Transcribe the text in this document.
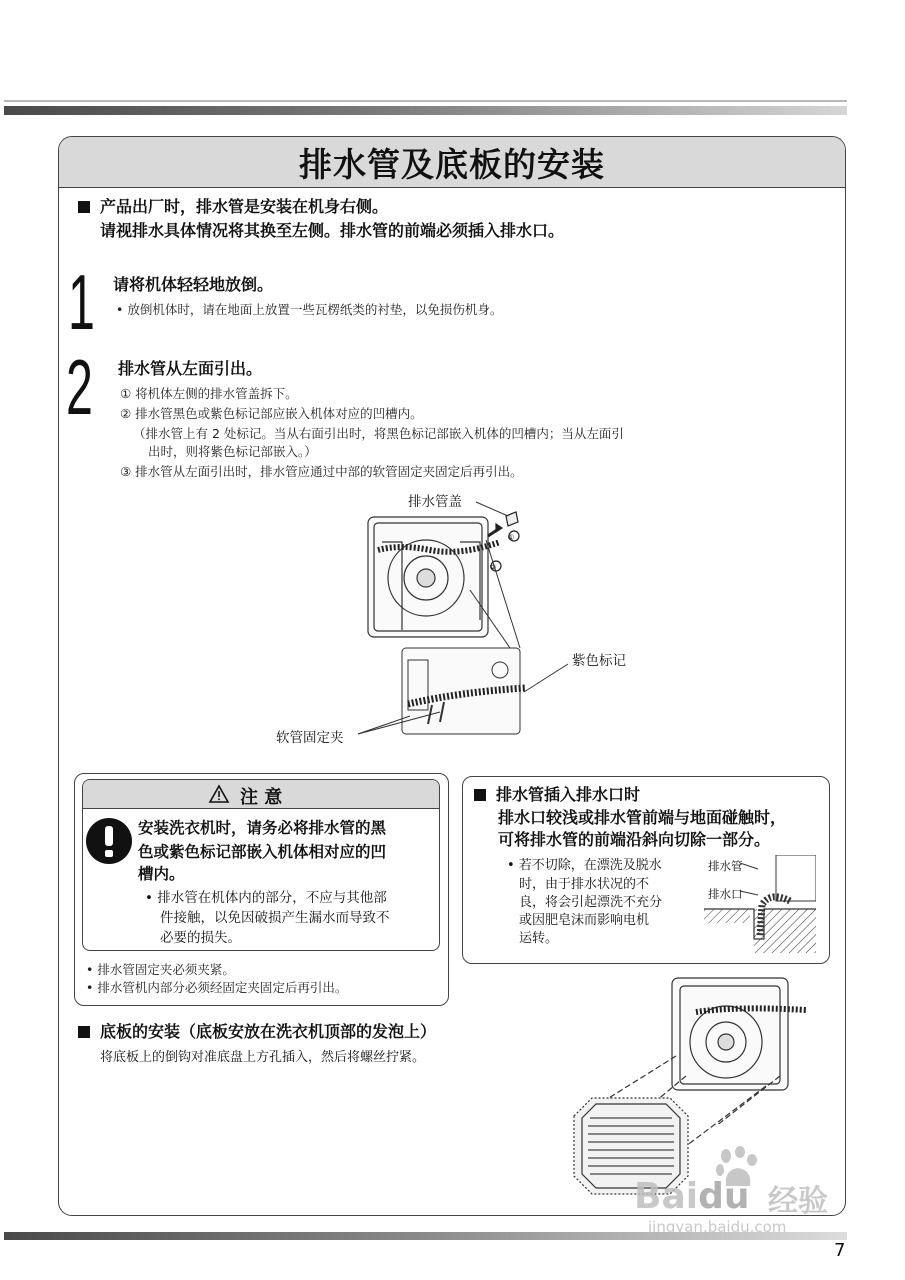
排水管及底板的安装
产品出厂时，排水管是安装在机身右侧。
请视排水具体情况将其换至左侧。排水管的前端必须插入排水口。
1 请将机体轻轻地放倒。
• 放倒机体时，请在地面上放置一些瓦楞纸类的衬垫，以免损伤机身。
2 排水管从左面引出。
① 将机体左侧的排水管盖拆下。
② 排水管黑色或紫色标记部应嵌入机体对应的凹槽内。
（排水管上有 2 处标记。当从右面引出时，将黑色标记部嵌入机体的凹槽内；当从左面引
出时，则将紫色标记部嵌入。）
③ 排水管从左面引出时，排水管应通过中部的软管固定夹固定后再引出。
①
②
排水管盖
紫色标记
软管固定夹
注 意
安装洗衣机时，请务必将排水管的黑
色或紫色标记部嵌入机体相对应的凹
槽内。
• 排水管在机体内的部分，不应与其他部
件接触，以免因破损产生漏水而导致不
必要的损失。
• 排水管固定夹必须夹紧。
• 排水管机内部分必须经固定夹固定后再引出。
排水管插入排水口时
排水口较浅或排水管前端与地面碰触时，
可将排水管的前端沿斜向切除一部分。
• 若不切除，在漂洗及脱水
时，由于排水状况的不
良，将会引起漂洗不充分
或因肥皂沫而影响电机
运转。
排水管
排水口
底板的安装（底板安放在洗衣机顶部的发泡上）
将底板上的倒钩对准底盘上方孔插入，然后将螺丝拧紧。
Baidu 经验
jingyan.baidu.com
7
